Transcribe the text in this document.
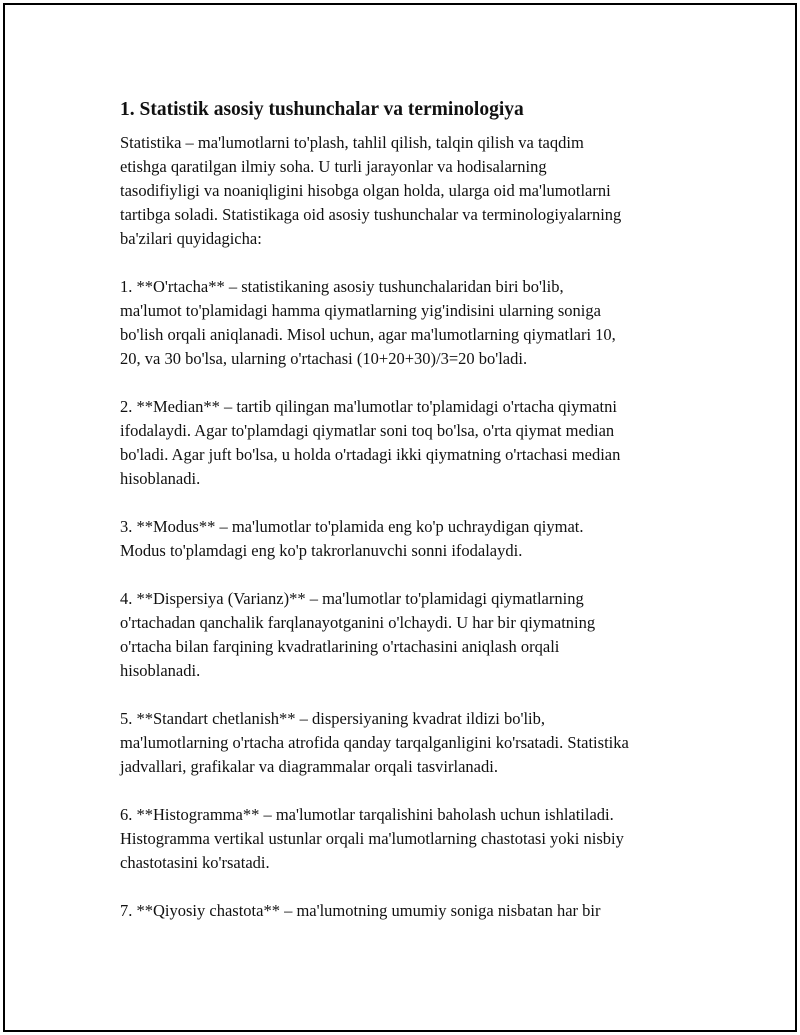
1. Statistik asosiy tushunchalar va terminologiya
Statistika – ma'lumotlarni to'plash, tahlil qilish, talqin qilish va taqdim
etishga qaratilgan ilmiy soha. U turli jarayonlar va hodisalarning
tasodifiyligi va noaniqligini hisobga olgan holda, ularga oid ma'lumotlarni
tartibga soladi. Statistikaga oid asosiy tushunchalar va terminologiyalarning
ba'zilari quyidagicha:
1. **O'rtacha** – statistikaning asosiy tushunchalaridan biri bo'lib,
ma'lumot to'plamidagi hamma qiymatlarning yig'indisini ularning soniga
bo'lish orqali aniqlanadi. Misol uchun, agar ma'lumotlarning qiymatlari 10,
20, va 30 bo'lsa, ularning o'rtachasi (10+20+30)/3=20 bo'ladi.
2. **Median** – tartib qilingan ma'lumotlar to'plamidagi o'rtacha qiymatni
ifodalaydi. Agar to'plamdagi qiymatlar soni toq bo'lsa, o'rta qiymat median
bo'ladi. Agar juft bo'lsa, u holda o'rtadagi ikki qiymatning o'rtachasi median
hisoblanadi.
3. **Modus** – ma'lumotlar to'plamida eng ko'p uchraydigan qiymat.
Modus to'plamdagi eng ko'p takrorlanuvchi sonni ifodalaydi.
4. **Dispersiya (Varianz)** – ma'lumotlar to'plamidagi qiymatlarning
o'rtachadan qanchalik farqlanayotganini o'lchaydi. U har bir qiymatning
o'rtacha bilan farqining kvadratlarining o'rtachasini aniqlash orqali
hisoblanadi.
5. **Standart chetlanish** – dispersiyaning kvadrat ildizi bo'lib,
ma'lumotlarning o'rtacha atrofida qanday tarqalganligini ko'rsatadi. Statistika
jadvallari, grafikalar va diagrammalar orqali tasvirlanadi.
6. **Histogramma** – ma'lumotlar tarqalishini baholash uchun ishlatiladi.
Histogramma vertikal ustunlar orqali ma'lumotlarning chastotasi yoki nisbiy
chastotasini ko'rsatadi.
7. **Qiyosiy chastota** – ma'lumotning umumiy soniga nisbatan har bir
